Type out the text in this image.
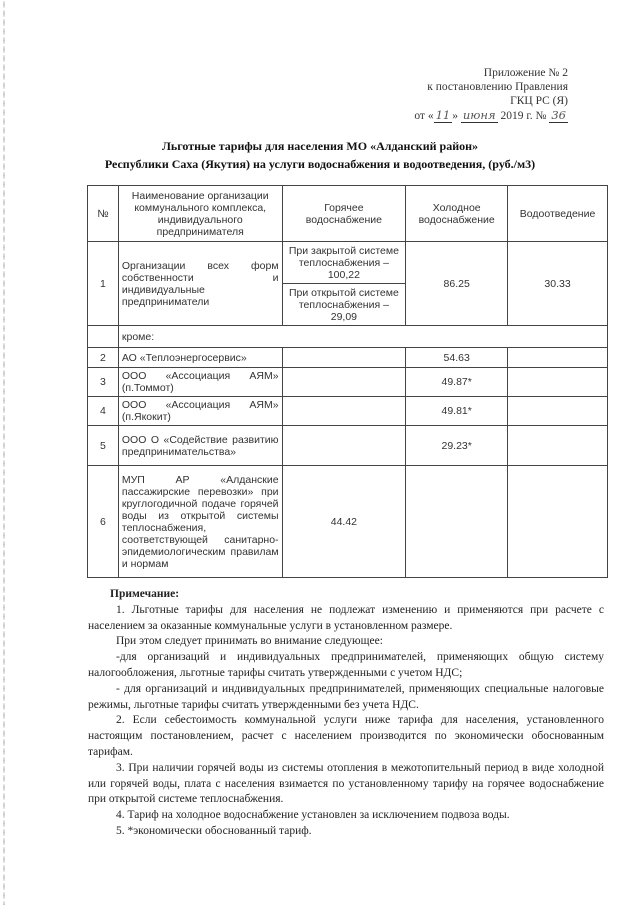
Приложение № 2
к постановлению Правления
ГКЦ РС (Я)
от « 11 » июня 2019 г. № 36
Льготные тарифы для населения МО «Алданский район»
Республики Саха (Якутия) на услуги водоснабжения и водоотведения, (руб./м3)
№	Наименование организации коммунального комплекса, индивидуального предпринимателя	Горячее водоснабжение	Холодное водоснабжение	Водоотведение
1	Организации всех форм собственности и индивидуальные предприниматели	При закрытой системе теплоснабжения – 100,22	86.25	30.33
		При открытой системе теплоснабжения – 29,09		
	кроме:			
2	АО «Теплоэнергосервис»		54.63	
3	ООО «Ассоциация АЯМ» (п.Томмот)		49.87*	
4	ООО «Ассоциация АЯМ» (п.Якокит)		49.81*	
5	ООО О «Содействие развитию предпринимательства»		29.23*	
6	МУП АР «Алданские пассажирские перевозки» при круглогодичной подаче горячей воды из открытой системы теплоснабжения, соответствующей санитарно-эпидемиологическим правилам и нормам	44.42		

Примечание:

1. Льготные тарифы для населения не подлежат изменению и применяются при расчете с населением за оказанные коммунальные услуги в установленном размере.

При этом следует принимать во внимание следующее:

-для организаций и индивидуальных предпринимателей, применяющих общую систему налогообложения, льготные тарифы считать утвержденными с учетом НДС;

- для организаций и индивидуальных предпринимателей, применяющих специальные налоговые режимы, льготные тарифы считать утвержденными без учета НДС.

2. Если себестоимость коммунальной услуги ниже тарифа для населения, установленного настоящим постановлением, расчет с населением производится по экономически обоснованным тарифам.

3. При наличии горячей воды из системы отопления в межотопительный период в виде холодной или горячей воды, плата с населения взимается по установленному тарифу на горячее водоснабжение при открытой системе теплоснабжения.

4. Тариф на холодное водоснабжение установлен за исключением подвоза воды.

5. *экономически обоснованный тариф.
